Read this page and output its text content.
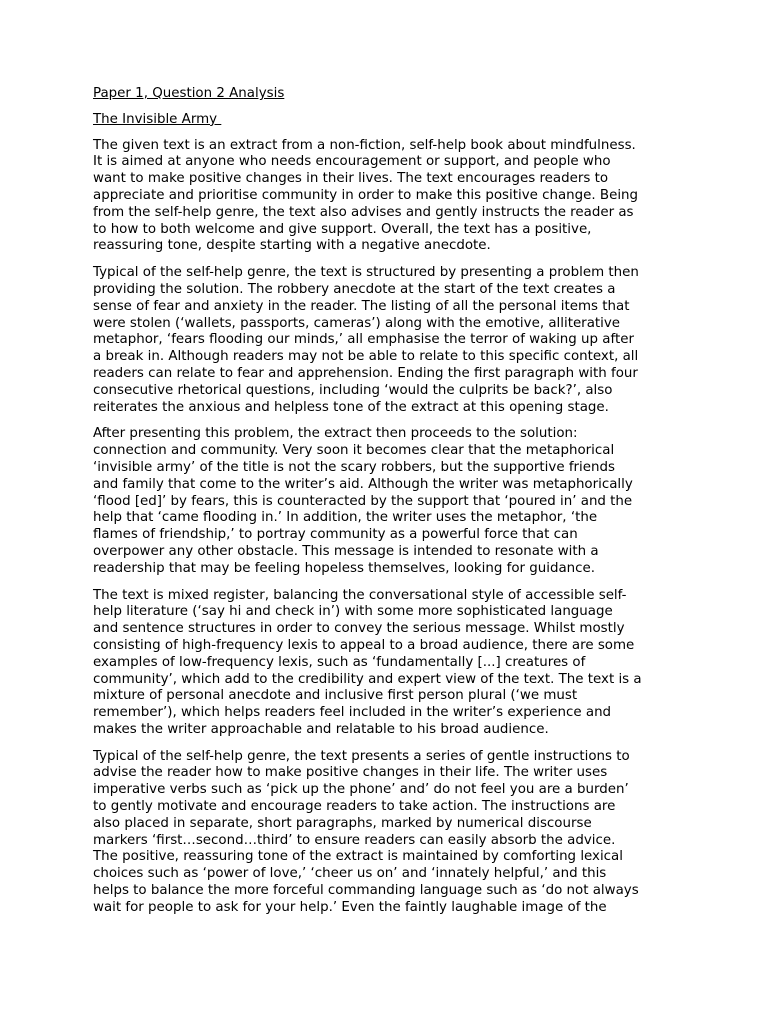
Paper 1, Question 2 Analysis
The Invisible Army
The given text is an extract from a non-fiction, self-help book about mindfulness.
It is aimed at anyone who needs encouragement or support, and people who
want to make positive changes in their lives. The text encourages readers to
appreciate and prioritise community in order to make this positive change. Being
from the self-help genre, the text also advises and gently instructs the reader as
to how to both welcome and give support. Overall, the text has a positive,
reassuring tone, despite starting with a negative anecdote.
Typical of the self-help genre, the text is structured by presenting a problem then
providing the solution. The robbery anecdote at the start of the text creates a
sense of fear and anxiety in the reader. The listing of all the personal items that
were stolen (‘wallets, passports, cameras’) along with the emotive, alliterative
metaphor, ‘fears flooding our minds,’ all emphasise the terror of waking up after
a break in. Although readers may not be able to relate to this specific context, all
readers can relate to fear and apprehension. Ending the first paragraph with four
consecutive rhetorical questions, including ‘would the culprits be back?’, also
reiterates the anxious and helpless tone of the extract at this opening stage.
After presenting this problem, the extract then proceeds to the solution:
connection and community. Very soon it becomes clear that the metaphorical
‘invisible army’ of the title is not the scary robbers, but the supportive friends
and family that come to the writer’s aid. Although the writer was metaphorically
‘flood [ed]’ by fears, this is counteracted by the support that ‘poured in’ and the
help that ‘came flooding in.’ In addition, the writer uses the metaphor, ‘the
flames of friendship,’ to portray community as a powerful force that can
overpower any other obstacle. This message is intended to resonate with a
readership that may be feeling hopeless themselves, looking for guidance.
The text is mixed register, balancing the conversational style of accessible self-
help literature (‘say hi and check in’) with some more sophisticated language
and sentence structures in order to convey the serious message. Whilst mostly
consisting of high-frequency lexis to appeal to a broad audience, there are some
examples of low-frequency lexis, such as ‘fundamentally [...] creatures of
community’, which add to the credibility and expert view of the text. The text is a
mixture of personal anecdote and inclusive first person plural (‘we must
remember’), which helps readers feel included in the writer’s experience and
makes the writer approachable and relatable to his broad audience.
Typical of the self-help genre, the text presents a series of gentle instructions to
advise the reader how to make positive changes in their life. The writer uses
imperative verbs such as ‘pick up the phone’ and’ do not feel you are a burden’
to gently motivate and encourage readers to take action. The instructions are
also placed in separate, short paragraphs, marked by numerical discourse
markers ‘first…second…third’ to ensure readers can easily absorb the advice.
The positive, reassuring tone of the extract is maintained by comforting lexical
choices such as ‘power of love,’ ‘cheer us on’ and ‘innately helpful,’ and this
helps to balance the more forceful commanding language such as ‘do not always
wait for people to ask for your help.’ Even the faintly laughable image of the
